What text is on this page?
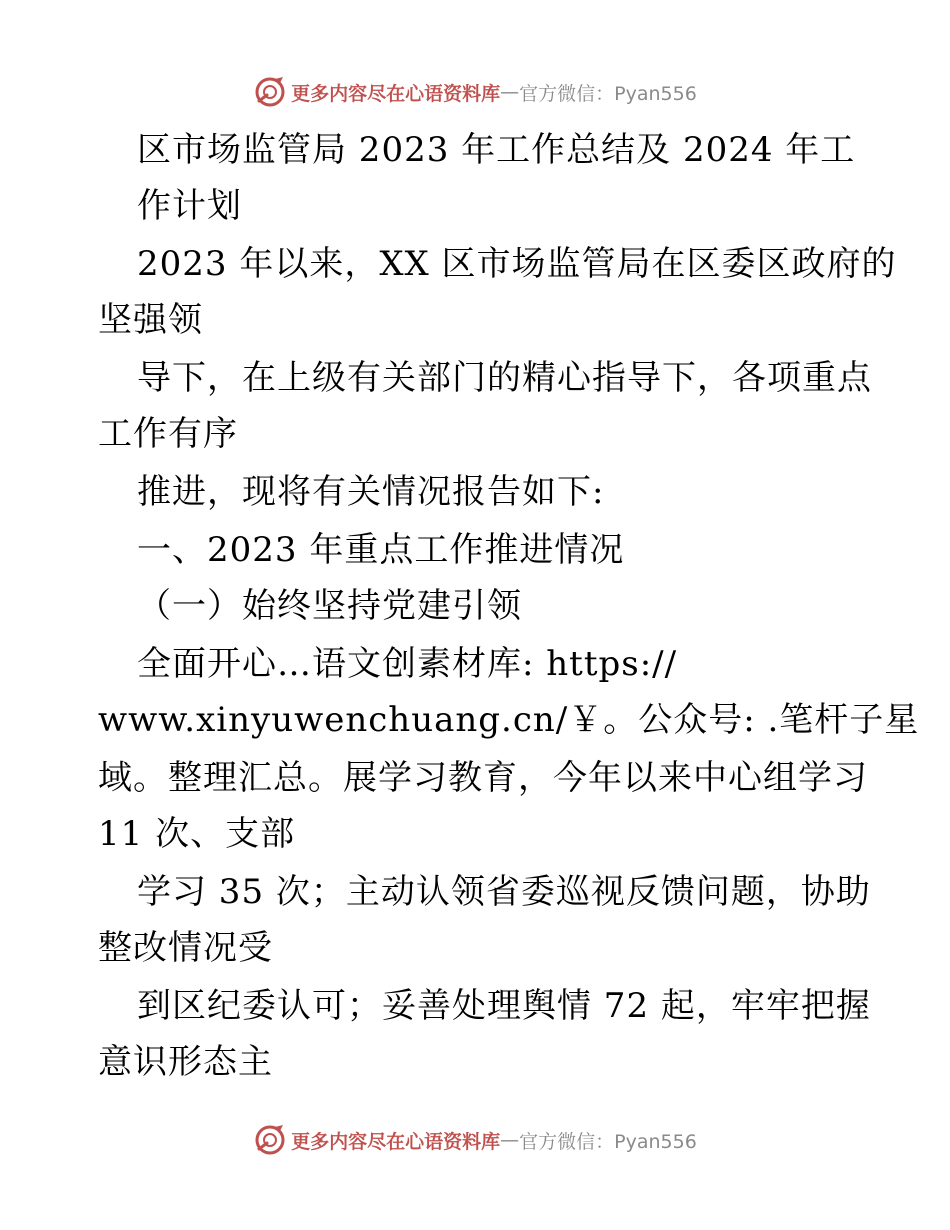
更多内容尽在心语资料库 — 官方微信：Pyan556
区市场监管局 2023 年工作总结及 2024 年工
作计划
2023 年以来，XX 区市场监管局在区委区政府的
坚强领
导下，在上级有关部门的精心指导下，各项重点
工作有序
推进，现将有关情况报告如下:
一、2023 年重点工作推进情况
（一）始终坚持党建引领
全面开心…语文创素材库: https://
www.xinyuwenchuang.cn/￥。公众号: .笔杆子星
域。整理汇总。展学习教育，今年以来中心组学习
11 次、支部
学习 35 次；主动认领省委巡视反馈问题，协助
整改情况受
到区纪委认可；妥善处理舆情 72 起，牢牢把握
意识形态主
更多内容尽在心语资料库 — 官方微信：Pyan556
